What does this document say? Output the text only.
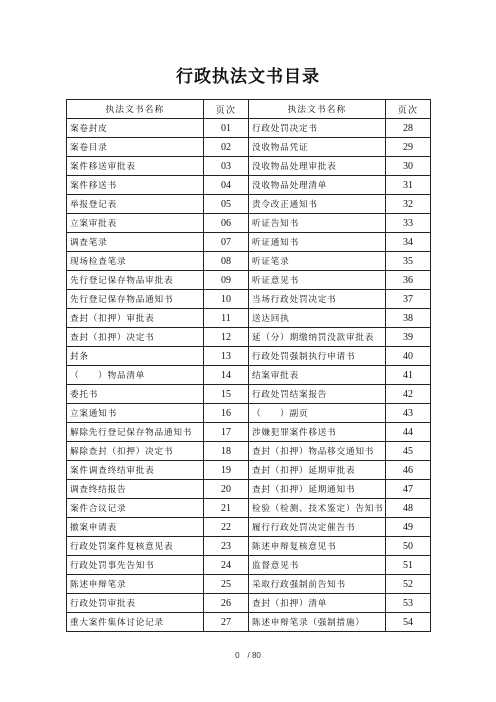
行政执法文书目录
执法文书名称	页次	执法文书名称	页次
案卷封皮	01	行政处罚决定书	28
案卷目录	02	没收物品凭证	29
案件移送审批表	03	没收物品处理审批表	30
案件移送书	04	没收物品处理清单	31
举报登记表	05	责令改正通知书	32
立案审批表	06	听证告知书	33
调查笔录	07	听证通知书	34
现场检查笔录	08	听证笔录	35
先行登记保存物品审批表	09	听证意见书	36
先行登记保存物品通知书	10	当场行政处罚决定书	37
查封（扣押）审批表	11	送达回执	38
查封（扣押）决定书	12	延（分）期缴纳罚没款审批表	39
封条	13	行政处罚强制执行申请书	40
（　　）物品清单	14	结案审批表	41
委托书	15	行政处罚结案报告	42
立案通知书	16	（　　）副页	43
解除先行登记保存物品通知书	17	涉嫌犯罪案件移送书	44
解除查封（扣押）决定书	18	查封（扣押）物品移交通知书	45
案件调查终结审批表	19	查封（扣押）延期审批表	46
调查终结报告	20	查封（扣押）延期通知书	47
案件合议记录	21	检验（检测、技术鉴定）告知书	48
撤案申请表	22	履行行政处罚决定催告书	49
行政处罚案件复核意见表	23	陈述申辩复核意见书	50
行政处罚事先告知书	24	监督意见书	51
陈述申辩笔录	25	采取行政强制前告知书	52
行政处罚审批表	26	查封（扣押）清单	53
重大案件集体讨论记录	27	陈述申辩笔录（强制措施）	54
0　/ 80
